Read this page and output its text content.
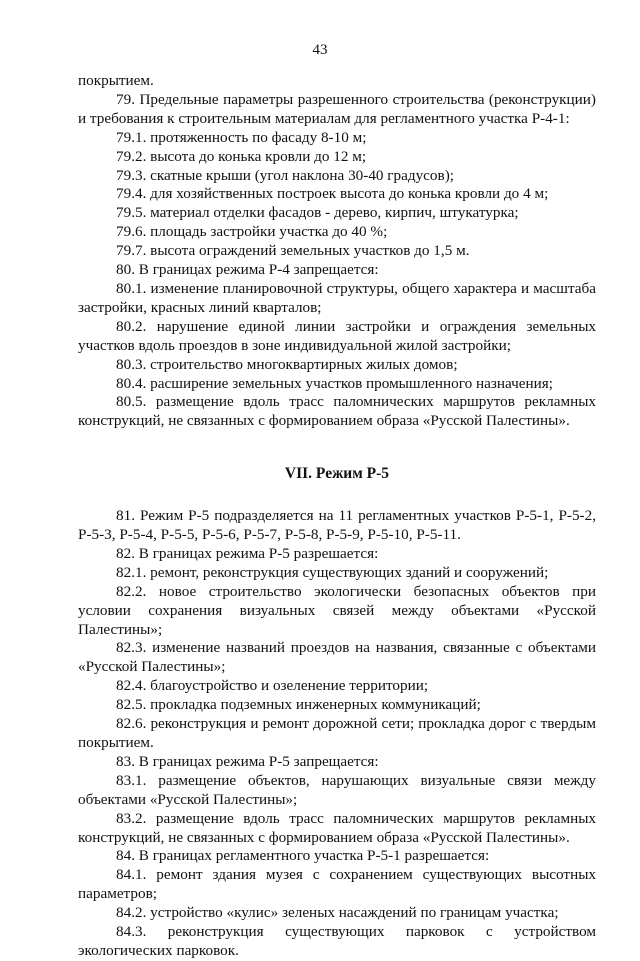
43

покрытием.

79. Предельные параметры разрешенного строительства (реконструкции) и требования к строительным материалам для регламентного участка Р-4-1:

79.1. протяженность по фасаду 8-10 м;

79.2. высота до конька кровли до 12 м;

79.3. скатные крыши (угол наклона 30-40 градусов);

79.4. для хозяйственных построек высота до конька кровли до 4 м;

79.5. материал отделки фасадов - дерево, кирпич, штукатурка;

79.6. площадь застройки участка до 40 %;

79.7. высота ограждений земельных участков до 1,5 м.

80. В границах режима Р-4 запрещается:

80.1. изменение планировочной структуры, общего характера и масштаба застройки, красных линий кварталов;

80.2. нарушение единой линии застройки и ограждения земельных участков вдоль проездов в зоне индивидуальной жилой застройки;

80.3. строительство многоквартирных жилых домов;

80.4. расширение земельных участков промышленного назначения;

80.5. размещение вдоль трасс паломнических маршрутов рекламных конструкций, не связанных с формированием образа «Русской Палестины».

VII. Режим Р-5

81. Режим Р-5 подразделяется на 11 регламентных участков Р-5-1, Р-5-2, Р-5-3, Р-5-4, Р-5-5, Р-5-6, Р-5-7, Р-5-8, Р-5-9, Р-5-10, Р-5-11.

82. В границах режима Р-5 разрешается:

82.1. ремонт, реконструкция существующих зданий и сооружений;

82.2. новое строительство экологически безопасных объектов при условии сохранения визуальных связей между объектами «Русской Палестины»;

82.3. изменение названий проездов на названия, связанные с объектами «Русской Палестины»;

82.4. благоустройство и озеленение территории;

82.5. прокладка подземных инженерных коммуникаций;

82.6. реконструкция и ремонт дорожной сети; прокладка дорог с твердым покрытием.

83. В границах режима Р-5 запрещается:

83.1. размещение объектов, нарушающих визуальные связи между объектами «Русской Палестины»;

83.2. размещение вдоль трасс паломнических маршрутов рекламных конструкций, не связанных с формированием образа «Русской Палестины».

84. В границах регламентного участка Р-5-1 разрешается:

84.1. ремонт здания музея с сохранением существующих высотных параметров;

84.2. устройство «кулис» зеленых насаждений по границам участка;

84.3. реконструкция существующих парковок с устройством экологических парковок.
